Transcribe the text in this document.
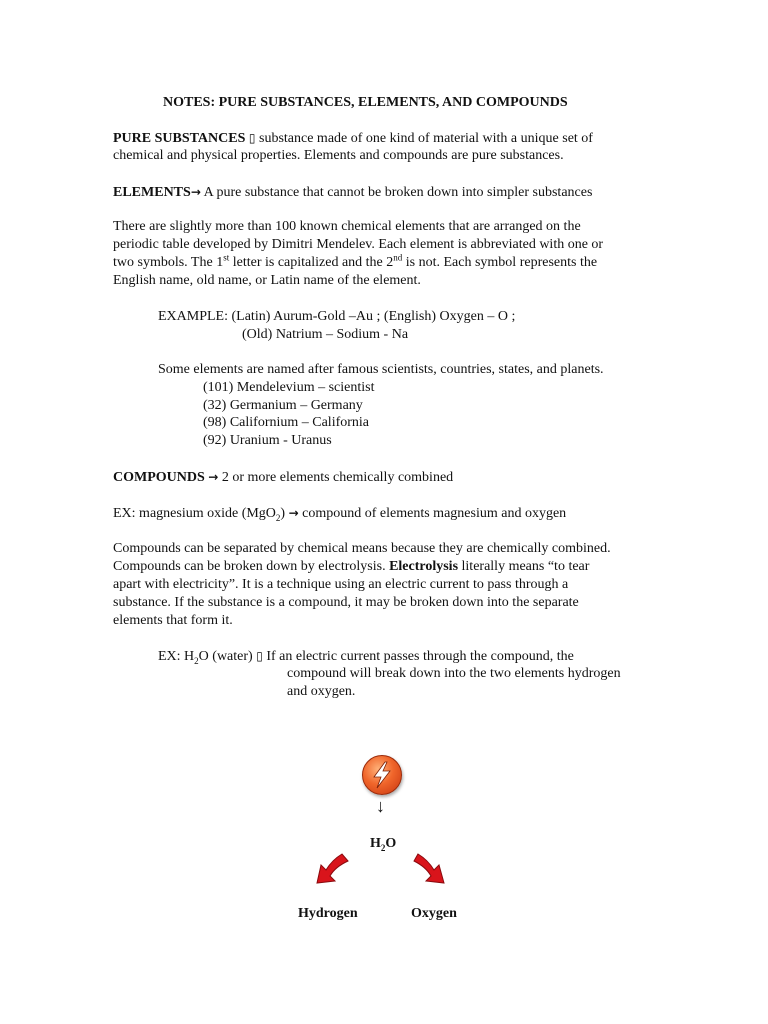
NOTES: PURE SUBSTANCES, ELEMENTS, AND COMPOUNDS
PURE SUBSTANCES ▯ substance made of one kind of material with a unique set of
chemical and physical properties. Elements and compounds are pure substances.
ELEMENTS→ A pure substance that cannot be broken down into simpler substances
There are slightly more than 100 known chemical elements that are arranged on the
periodic table developed by Dimitri Mendelev. Each element is abbreviated with one or
two symbols. The 1st letter is capitalized and the 2nd is not. Each symbol represents the
English name, old name, or Latin name of the element.
EXAMPLE: (Latin) Aurum-Gold –Au ; (English) Oxygen – O ;
(Old) Natrium – Sodium - Na
Some elements are named after famous scientists, countries, states, and planets.
(101) Mendelevium – scientist
(32) Germanium – Germany
(98) Californium – California
(92) Uranium - Uranus
COMPOUNDS → 2 or more elements chemically combined
EX: magnesium oxide (MgO$_2$) → compound of elements magnesium and oxygen
Compounds can be separated by chemical means because they are chemically combined.
Compounds can be broken down by electrolysis. Electrolysis literally means “to tear
apart with electricity”. It is a technique using an electric current to pass through a
substance. If the substance is a compound, it may be broken down into the separate
elements that form it.
EX: $H_2O$ (water) ▯ If an electric current passes through the compound, the
compound will break down into the two elements hydrogen
and oxygen.
↓
$H_2O$
Hydrogen	Oxygen
